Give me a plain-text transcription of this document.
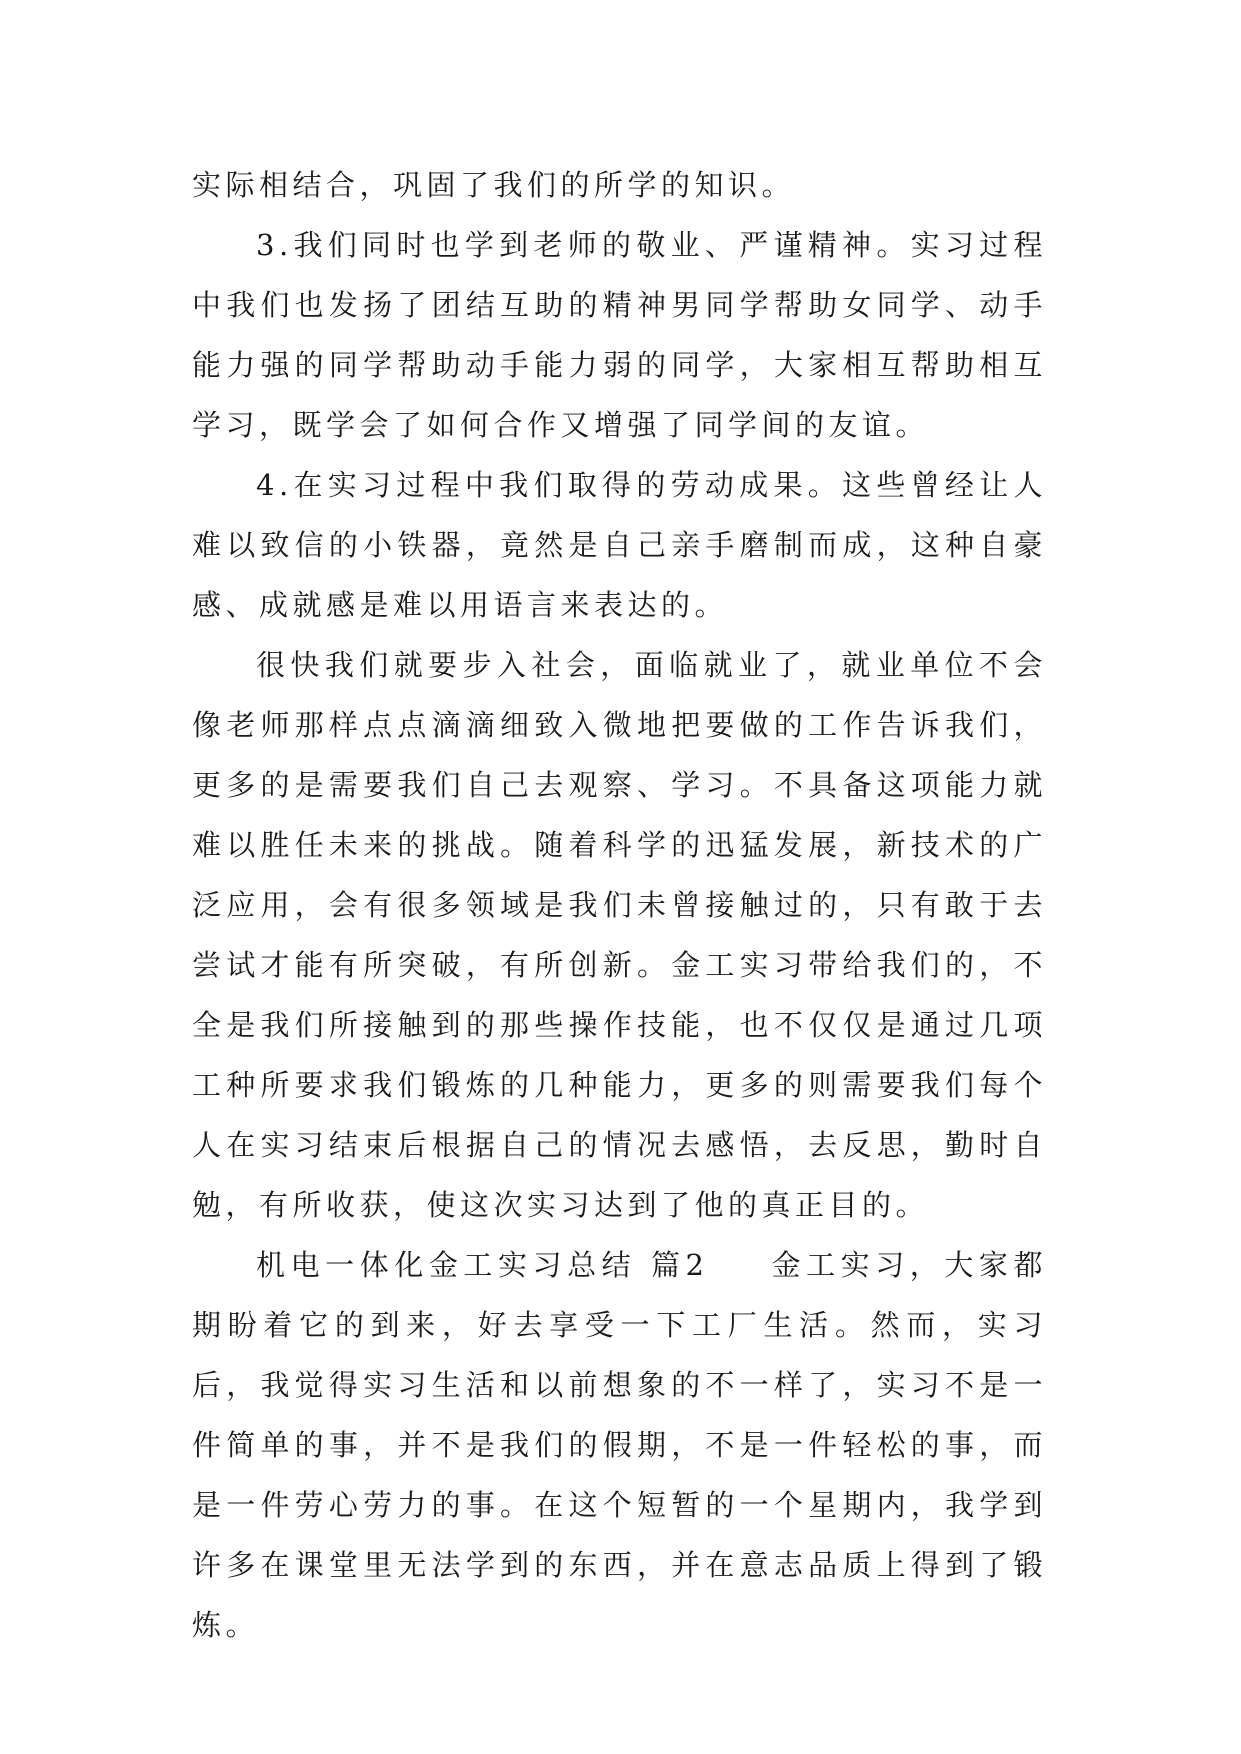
实际相结合，巩固了我们的所学的知识。

3.我们同时也学到老师的敬业、严谨精神。实习过程中我们也发扬了团结互助的精神男同学帮助女同学、动手能力强的同学帮助动手能力弱的同学，大家相互帮助相互学习，既学会了如何合作又增强了同学间的友谊。

4.在实习过程中我们取得的劳动成果。这些曾经让人难以致信的小铁器，竟然是自己亲手磨制而成，这种自豪感、成就感是难以用语言来表达的。

很快我们就要步入社会，面临就业了，就业单位不会像老师那样点点滴滴细致入微地把要做的工作告诉我们，更多的是需要我们自己去观察、学习。不具备这项能力就难以胜任未来的挑战。随着科学的迅猛发展，新技术的广泛应用，会有很多领域是我们未曾接触过的，只有敢于去尝试才能有所突破，有所创新。金工实习带给我们的，不全是我们所接触到的那些操作技能，也不仅仅是通过几项工种所要求我们锻炼的几种能力，更多的则需要我们每个人在实习结束后根据自己的情况去感悟，去反思，勤时自勉，有所收获，使这次实习达到了他的真正目的。

机电一体化金工实习总结 篇2 金工实习，大家都期盼着它的到来，好去享受一下工厂生活。然而，实习后，我觉得实习生活和以前想象的不一样了，实习不是一件简单的事，并不是我们的假期，不是一件轻松的事，而是一件劳心劳力的事。在这个短暂的一个星期内，我学到许多在课堂里无法学到的东西，并在意志品质上得到了锻炼。
